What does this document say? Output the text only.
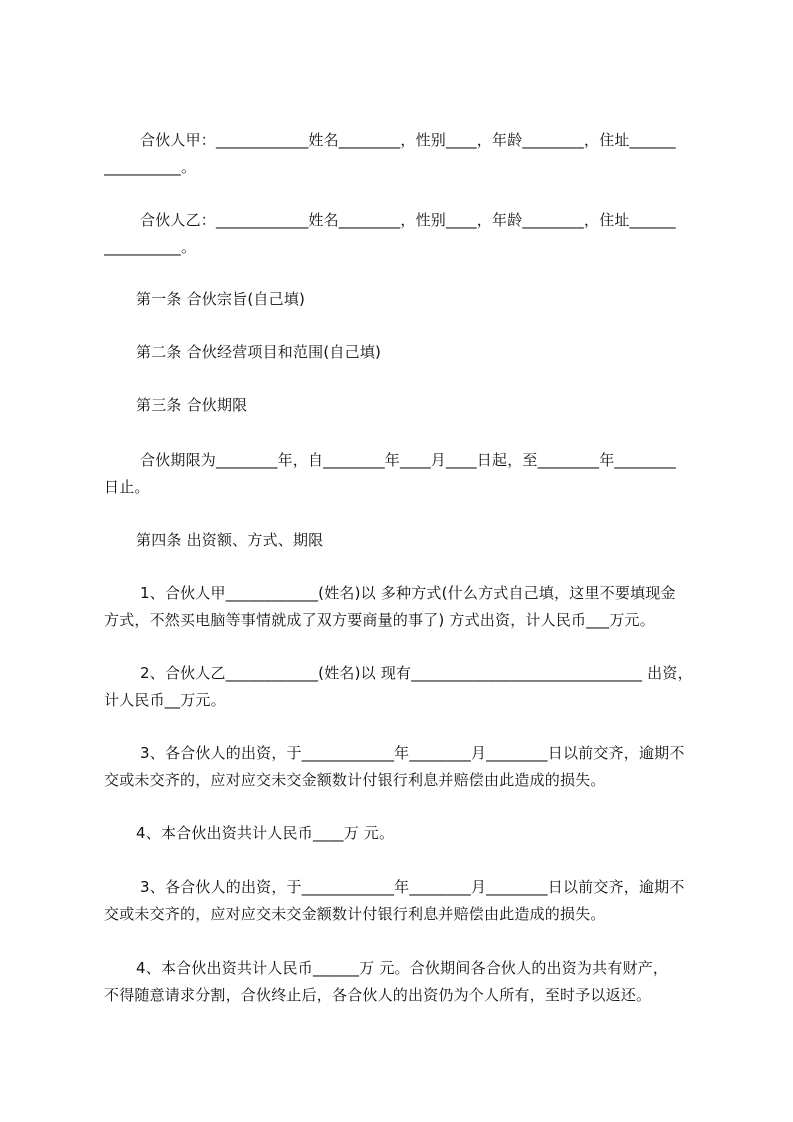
合伙人甲：____________姓名________，性别____，年龄________，住址______
__________。
合伙人乙：____________姓名________，性别____，年龄________，住址______
__________。
第一条 合伙宗旨(自己填)
第二条 合伙经营项目和范围(自己填)
第三条 合伙期限
合伙期限为________年，自________年____月____日起，至________年________
日止。
第四条 出资额、方式、期限
1、合伙人甲____________(姓名)以 多种方式(什么方式自己填，这里不要填现金
方式，不然买电脑等事情就成了双方要商量的事了) 方式出资，计人民币___万元。
2、合伙人乙____________(姓名)以 现有______________________________ 出资，
计人民币__万元。
3、各合伙人的出资，于____________年________月________日以前交齐，逾期不
交或未交齐的，应对应交未交金额数计付银行利息并赔偿由此造成的损失。
4、本合伙出资共计人民币____万 元。
3、各合伙人的出资，于____________年________月________日以前交齐，逾期不
交或未交齐的，应对应交未交金额数计付银行利息并赔偿由此造成的损失。
4、本合伙出资共计人民币______万 元。合伙期间各合伙人的出资为共有财产，
不得随意请求分割，合伙终止后，各合伙人的出资仍为个人所有，至时予以返还。
